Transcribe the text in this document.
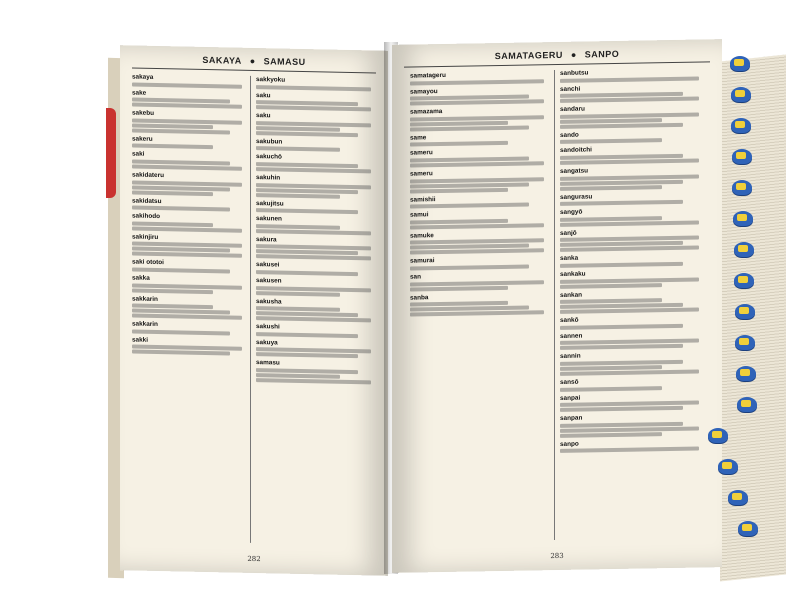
SAKAYA ● SAMASU
sakaya
sake
sakebu
sakeru
saki
sakidateru
sakidatsu
sakihodo
sakinjiru
saki ototoi
sakka
sakkarin
sakkarin
sakki
sakkyoku
saku
saku
sakubun
sakuchō
sakuhin
sakujitsu
sakunen
sakura
sakusei
sakusen
sakusha
sakushi
sakuya
samasu
282
SAMATAGERU ● SANPO
samatageru
samayou
samazama
same
sameru
sameru
samishii
samui
samuke
samurai
san
sanba
sanbutsu
sanchi
sandaru
sando
sandoitchi
sangatsu
sangurasu
sangyō
sanjō
sanka
sankaku
sankan
sankō
sannen
sannin
sansō
sanpai
sanpan
sanpo
283
